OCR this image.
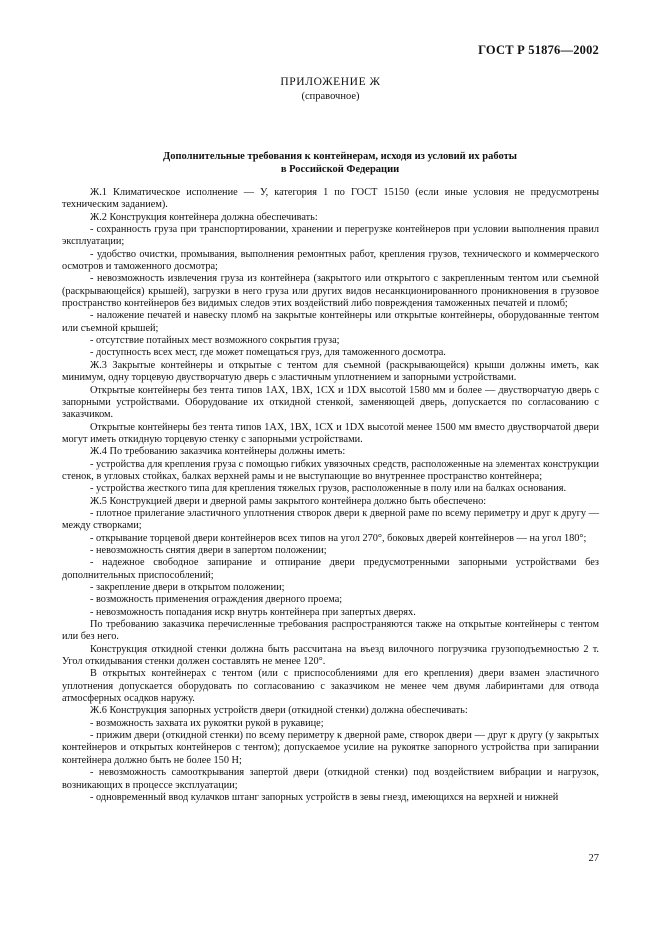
ГОСТ Р 51876—2002
ПРИЛОЖЕНИЕ Ж
(справочное)
Дополнительные требования к контейнерам, исходя из условий их работы
в Российской Федерации

Ж.1 Климатическое исполнение — У, категория 1 по ГОСТ 15150 (если иные условия не предусмотрены техническим заданием).

Ж.2 Конструкция контейнера должна обеспечивать:

- сохранность груза при транспортировании, хранении и перегрузке контейнеров при условии выполнения правил эксплуатации;

- удобство очистки, промывания, выполнения ремонтных работ, крепления грузов, технического и коммерческого осмотров и таможенного досмотра;

- невозможность извлечения груза из контейнера (закрытого или открытого с закрепленным тентом или съемной (раскрывающейся) крышей), загрузки в него груза или других видов несанкционированного проникновения в грузовое пространство контейнеров без видимых следов этих воздействий либо повреждения таможенных печатей и пломб;

- наложение печатей и навеску пломб на закрытые контейнеры или открытые контейнеры, оборудованные тентом или съемной крышей;

- отсутствие потайных мест возможного сокрытия груза;

- доступность всех мест, где может помещаться груз, для таможенного досмотра.

Ж.3 Закрытые контейнеры и открытые с тентом для съемной (раскрывающейся) крыши должны иметь, как минимум, одну торцевую двустворчатую дверь с эластичным уплотнением и запорными устройствами.

Открытые контейнеры без тента типов 1АХ, 1ВХ, 1СХ и 1DX высотой 1580 мм и более — двустворчатую дверь с запорными устройствами. Оборудование их откидной стенкой, заменяющей дверь, допускается по согласованию с заказчиком.

Открытые контейнеры без тента типов 1АХ, 1ВХ, 1СХ и 1DX высотой менее 1500 мм вместо двустворчатой двери могут иметь откидную торцевую стенку с запорными устройствами.

Ж.4 По требованию заказчика контейнеры должны иметь:

- устройства для крепления груза с помощью гибких увязочных средств, расположенные на элементах конструкции стенок, в угловых стойках, балках верхней рамы и не выступающие во внутреннее пространство контейнера;

- устройства жесткого типа для крепления тяжелых грузов, расположенные в полу или на балках основания.

Ж.5 Конструкцией двери и дверной рамы закрытого контейнера должно быть обеспечено:

- плотное прилегание эластичного уплотнения створок двери к дверной раме по всему периметру и друг к другу — между створками;

- открывание торцевой двери контейнеров всех типов на угол 270°, боковых дверей контейнеров — на угол 180°;

- невозможность снятия двери в запертом положении;

- надежное свободное запирание и отпирание двери предусмотренными запорными устройствами без дополнительных приспособлений;

- закрепление двери в открытом положении;

- возможность применения ограждения дверного проема;

- невозможность попадания искр внутрь контейнера при запертых дверях.

По требованию заказчика перечисленные требования распространяются также на открытые контейнеры с тентом или без него.

Конструкция откидной стенки должна быть рассчитана на въезд вилочного погрузчика грузоподъемностью 2 т. Угол откидывания стенки должен составлять не менее 120°.

В открытых контейнерах с тентом (или с приспособлениями для его крепления) двери взамен эластичного уплотнения допускается оборудовать по согласованию с заказчиком не менее чем двумя лабиринтами для отвода атмосферных осадков наружу.

Ж.6 Конструкция запорных устройств двери (откидной стенки) должна обеспечивать:

- возможность захвата их рукоятки рукой в рукавице;

- прижим двери (откидной стенки) по всему периметру к дверной раме, створок двери — друг к другу (у закрытых контейнеров и открытых контейнеров с тентом); допускаемое усилие на рукоятке запорного устройства при запирании контейнера должно быть не более 150 Н;

- невозможность самооткрывания запертой двери (откидной стенки) под воздействием вибрации и нагрузок, возникающих в процессе эксплуатации;

- одновременный ввод кулачков штанг запорных устройств в зевы гнезд, имеющихся на верхней и нижней

27
